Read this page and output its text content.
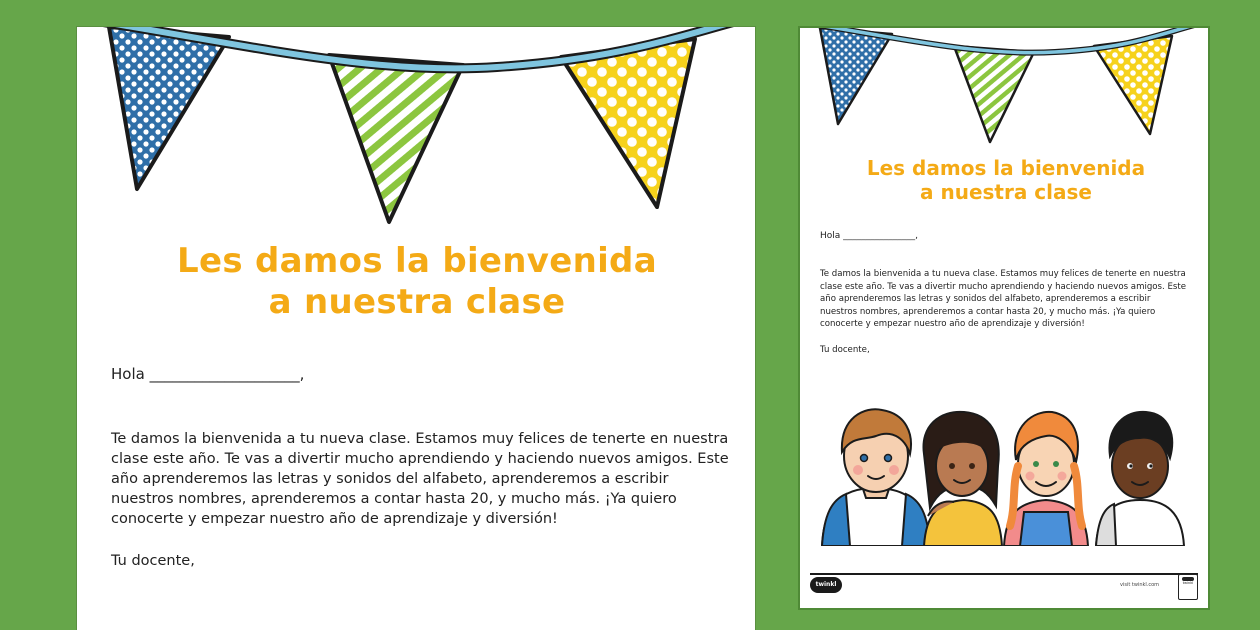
Les damos la bienvenida
a nuestra clase

Hola ____________________,

Te damos la bienvenida a tu nueva clase. Estamos muy felices de tenerte en nuestra clase este año. Te vas a divertir mucho aprendiendo y haciendo nuevos amigos. Este año aprenderemos las letras y sonidos del alfabeto, aprenderemos a escribir nuestros nombres, aprenderemos a contar hasta 20, y mucho más. ¡Ya quiero conocerte y empezar nuestro año de aprendizaje y diversión!

Tu docente,

Les damos la bienvenida
a nuestra clase

Hola ________________,

Te damos la bienvenida a tu nueva clase. Estamos muy felices de tenerte en nuestra clase este año. Te vas a divertir mucho aprendiendo y haciendo nuevos amigos. Este año aprenderemos las letras y sonidos del alfabeto, aprenderemos a escribir nuestros nombres, aprenderemos a contar hasta 20, y mucho más. ¡Ya quiero conocerte y empezar nuestro año de aprendizaje y diversión!

Tu docente,

twinkl	visit twinkl.com	twinkl
